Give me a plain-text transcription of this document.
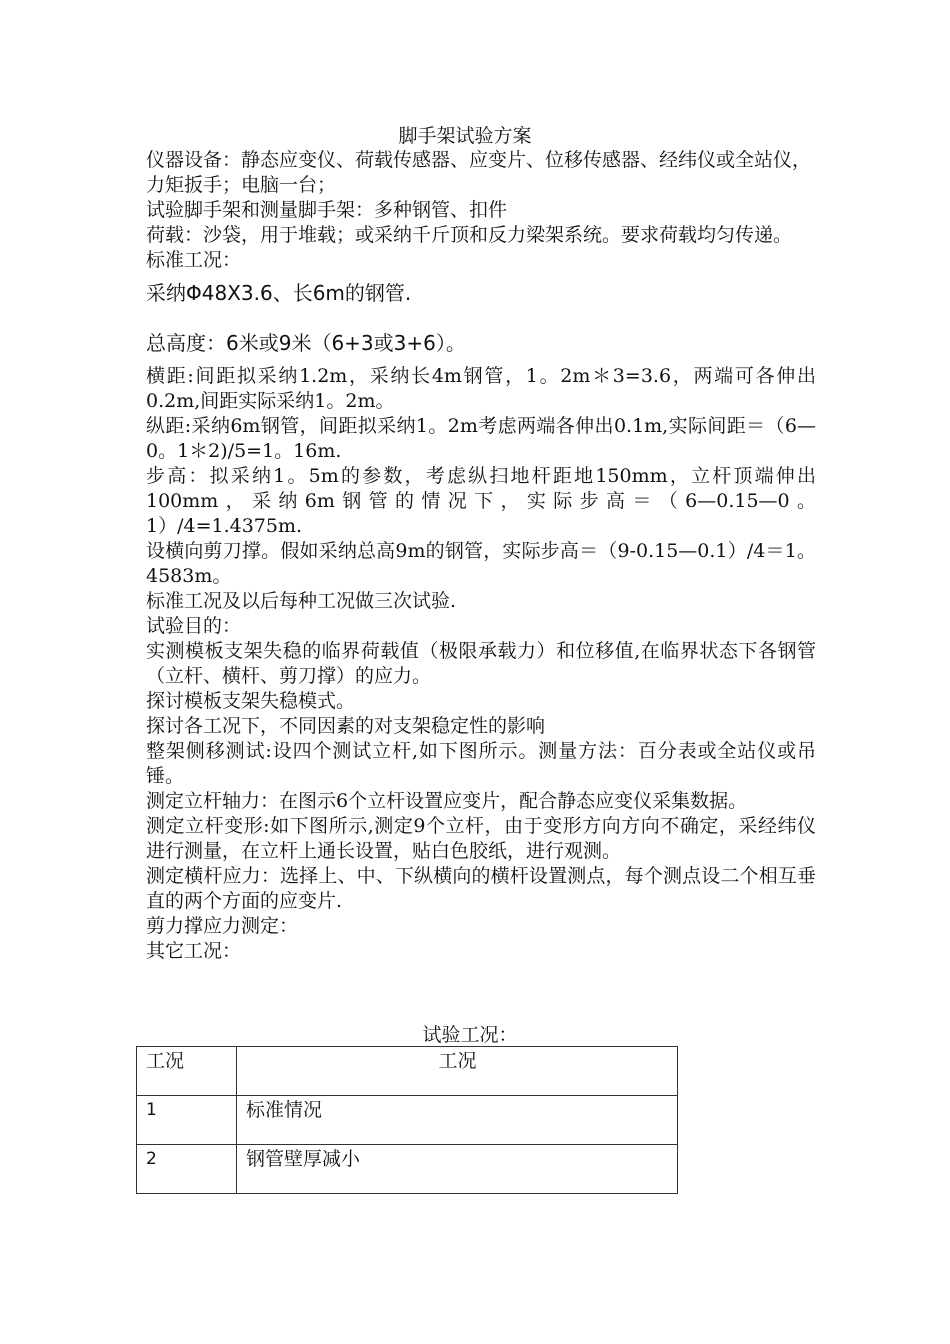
脚手架试验方案

仪器设备：静态应变仪、荷载传感器、应变片、位移传感器、经纬仪或全站仪，力矩扳手；电脑一台；

试验脚手架和测量脚手架：多种钢管、扣件

荷载：沙袋，用于堆载；或采纳千斤顶和反力梁架系统。要求荷载均匀传递。

标准工况：

采纳Φ48X3.6、长6m的钢管.

总高度：6米或9米（6+3或3+6）。

横距:间距拟采纳1.2m，采纳长4m钢管，1。2m＊3=3.6，两端可各伸出0.2m,间距实际采纳1。2m。

纵距:采纳6m钢管，间距拟采纳1。2m考虑两端各伸出0.1m,实际间距＝（6—0。1＊2)/5=1。16m.

步高：拟采纳1。5m的参数，考虑纵扫地杆距地150mm，立杆顶端伸出100mm，采纳6m钢管的情况下，实际步高＝（6—0.15—0。1）/4=1.4375m.

设横向剪刀撑。假如采纳总高9m的钢管，实际步高＝（9-0.15—0.1）/4＝1。4583m。

标准工况及以后每种工况做三次试验.

试验目的：

实测模板支架失稳的临界荷载值（极限承载力）和位移值,在临界状态下各钢管（立杆、横杆、剪刀撑）的应力。

探讨模板支架失稳模式。

探讨各工况下，不同因素的对支架稳定性的影响

整架侧移测试:设四个测试立杆,如下图所示。测量方法：百分表或全站仪或吊锤。

测定立杆轴力：在图示6个立杆设置应变片，配合静态应变仪采集数据。

测定立杆变形:如下图所示,测定9个立杆，由于变形方向方向不确定，采经纬仪进行测量，在立杆上通长设置，贴白色胶纸，进行观测。

测定横杆应力：选择上、中、下纵横向的横杆设置测点，每个测点设二个相互垂直的两个方面的应变片.

剪力撑应力测定：

其它工况：

试验工况：
工况	工况
1	标准情况
2	钢管壁厚减小
